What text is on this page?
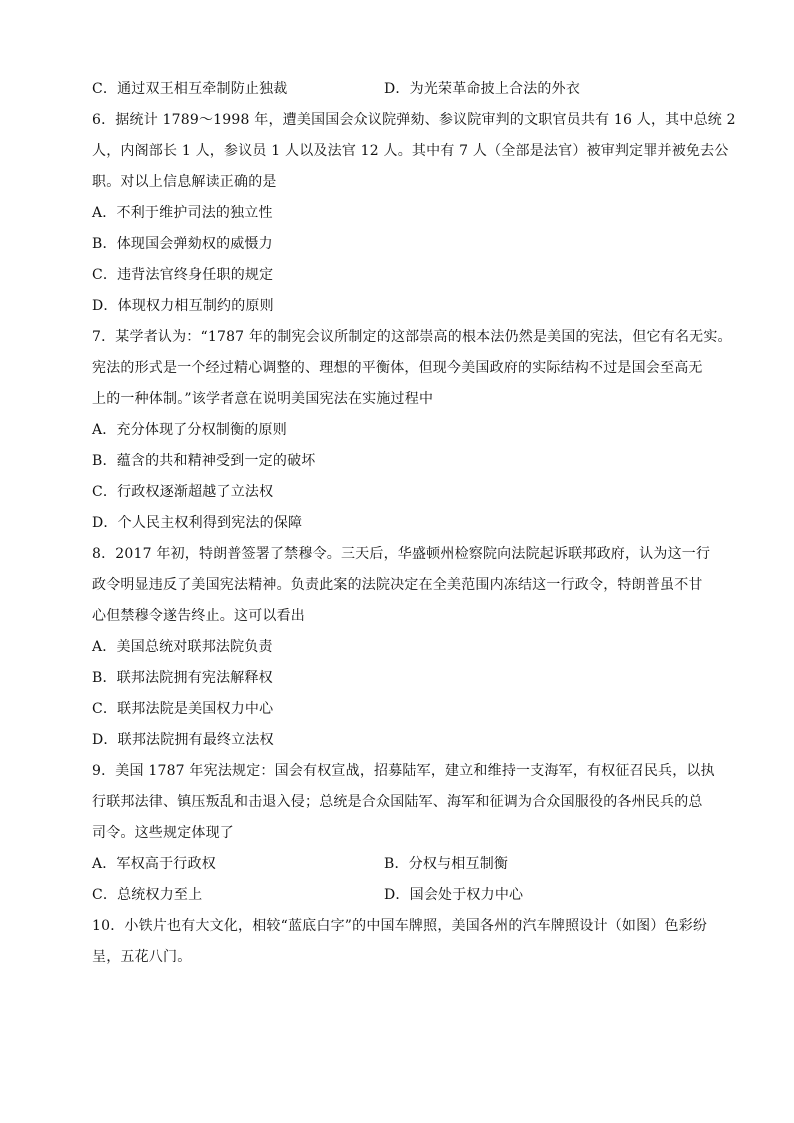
C．通过双王相互牵制防止独裁	D．为光荣革命披上合法的外衣
6．据统计 1789～1998 年，遭美国国会众议院弹劾、参议院审判的文职官员共有 16 人，其中总统 2
人，内阁部长 1 人，参议员 1 人以及法官 12 人。其中有 7 人（全部是法官）被审判定罪并被免去公
职。对以上信息解读正确的是
A．不利于维护司法的独立性
B．体现国会弹劾权的威慑力
C．违背法官终身任职的规定
D．体现权力相互制约的原则
7．某学者认为：“1787 年的制宪会议所制定的这部崇高的根本法仍然是美国的宪法，但它有名无实。
宪法的形式是一个经过精心调整的、理想的平衡体，但现今美国政府的实际结构不过是国会至高无
上的一种体制。”该学者意在说明美国宪法在实施过程中
A．充分体现了分权制衡的原则
B．蕴含的共和精神受到一定的破坏
C．行政权逐渐超越了立法权
D．个人民主权利得到宪法的保障
8．2017 年初，特朗普签署了禁穆令。三天后，华盛顿州检察院向法院起诉联邦政府，认为这一行
政令明显违反了美国宪法精神。负责此案的法院决定在全美范围内冻结这一行政令，特朗普虽不甘
心但禁穆令遂告终止。这可以看出
A．美国总统对联邦法院负责
B．联邦法院拥有宪法解释权
C．联邦法院是美国权力中心
D．联邦法院拥有最终立法权
9．美国 1787 年宪法规定：国会有权宣战，招募陆军，建立和维持一支海军，有权征召民兵，以执
行联邦法律、镇压叛乱和击退入侵；总统是合众国陆军、海军和征调为合众国服役的各州民兵的总
司令。这些规定体现了
A．军权高于行政权	B．分权与相互制衡
C．总统权力至上	D．国会处于权力中心
10．小铁片也有大文化，相较“蓝底白字”的中国车牌照，美国各州的汽车牌照设计（如图）色彩纷
呈，五花八门。
